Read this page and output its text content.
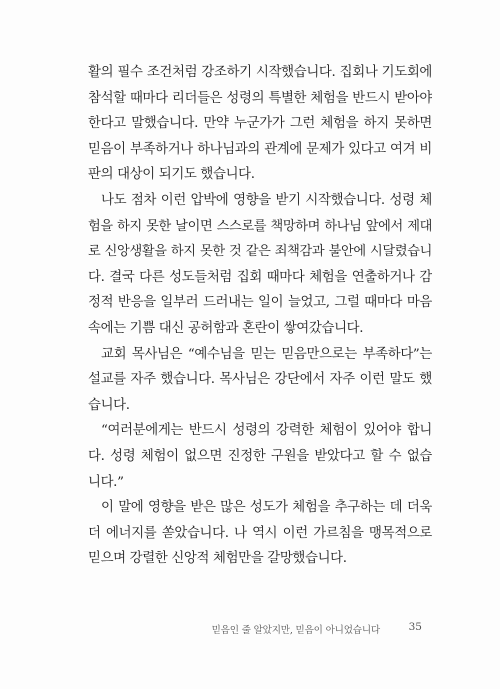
활의 필수 조건처럼 강조하기 시작했습니다. 집회나 기도회에
참석할 때마다 리더들은 성령의 특별한 체험을 반드시 받아야
한다고 말했습니다. 만약 누군가가 그런 체험을 하지 못하면
믿음이 부족하거나 하나님과의 관계에 문제가 있다고 여겨 비
판의 대상이 되기도 했습니다.
나도 점차 이런 압박에 영향을 받기 시작했습니다. 성령 체
험을 하지 못한 날이면 스스로를 책망하며 하나님 앞에서 제대
로 신앙생활을 하지 못한 것 같은 죄책감과 불안에 시달렸습니
다. 결국 다른 성도들처럼 집회 때마다 체험을 연출하거나 감
정적 반응을 일부러 드러내는 일이 늘었고, 그럴 때마다 마음
속에는 기쁨 대신 공허함과 혼란이 쌓여갔습니다.
교회 목사님은 “예수님을 믿는 믿음만으로는 부족하다”는
설교를 자주 했습니다. 목사님은 강단에서 자주 이런 말도 했
습니다.
“여러분에게는 반드시 성령의 강력한 체험이 있어야 합니
다. 성령 체험이 없으면 진정한 구원을 받았다고 할 수 없습
니다.”
이 말에 영향을 받은 많은 성도가 체험을 추구하는 데 더욱
더 에너지를 쏟았습니다. 나 역시 이런 가르침을 맹목적으로
믿으며 강렬한 신앙적 체험만을 갈망했습니다.
믿음인 줄 알았지만, 믿음이 아니었습니다	35
